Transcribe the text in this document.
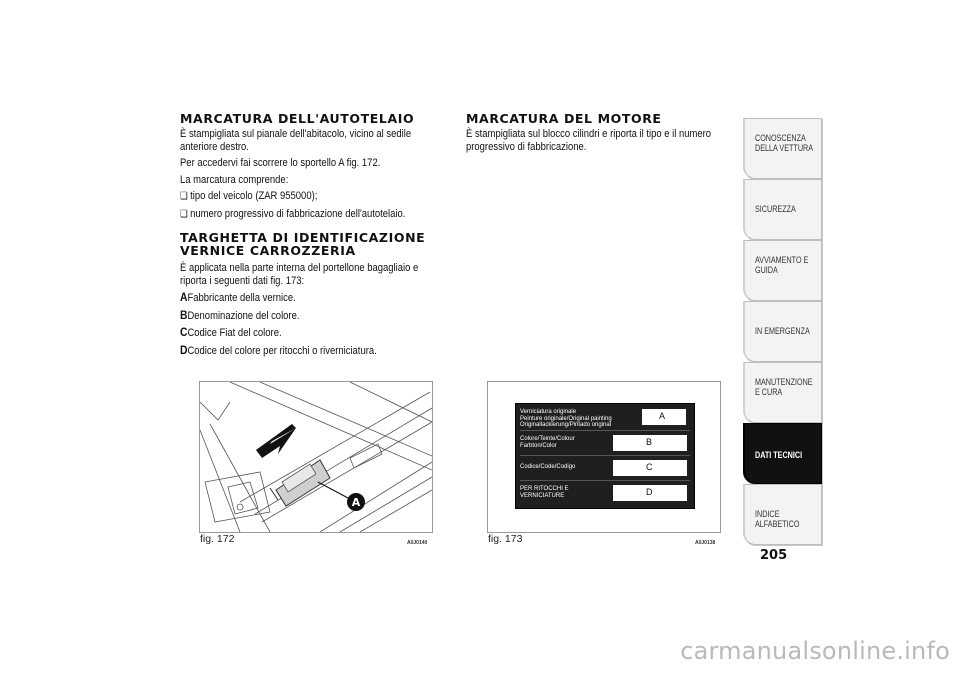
MARCATURA DELL'AUTOTELAIO

È stampigliata sul pianale dell'abitacolo, vicino al sedile anteriore destro.

Per accedervi fai scorrere lo sportello A fig. 172.

La marcatura comprende:

❏ tipo del veicolo (ZAR 955000);

❏ numero progressivo di fabbricazione dell'autotelaio.

TARGHETTA DI IDENTIFICAZIONE VERNICE CARROZZERIA

È applicata nella parte interna del portellone bagagliaio e riporta i seguenti dati fig. 173:

AFabbricante della vernice.

BDenominazione del colore.

CCodice Fiat del colore.

DCodice del colore per ritocchi o riverniciatura.

MARCATURA DEL MOTORE

È stampigliata sul blocco cilindri e riporta il tipo e il numero progressivo di fabbricazione.

A
fig. 172	A0J0140
Verniciatura originale
Peinture originale/Original painting
Originallackierung/Pintado original
A
Colore/Teinte/Colour
Farbton/Color	B
Codice/Code/Codigo	C
PER RITOCCHI E
VERNICIATURE	D
fig. 173	A0J0138
CONOSCENZA DELLA VETTURA
SICUREZZA
AVVIAMENTO E GUIDA
IN EMERGENZA
MANUTENZIONE E CURA
DATI TECNICI
INDICE ALFABETICO
205
carmanualsonline.info
